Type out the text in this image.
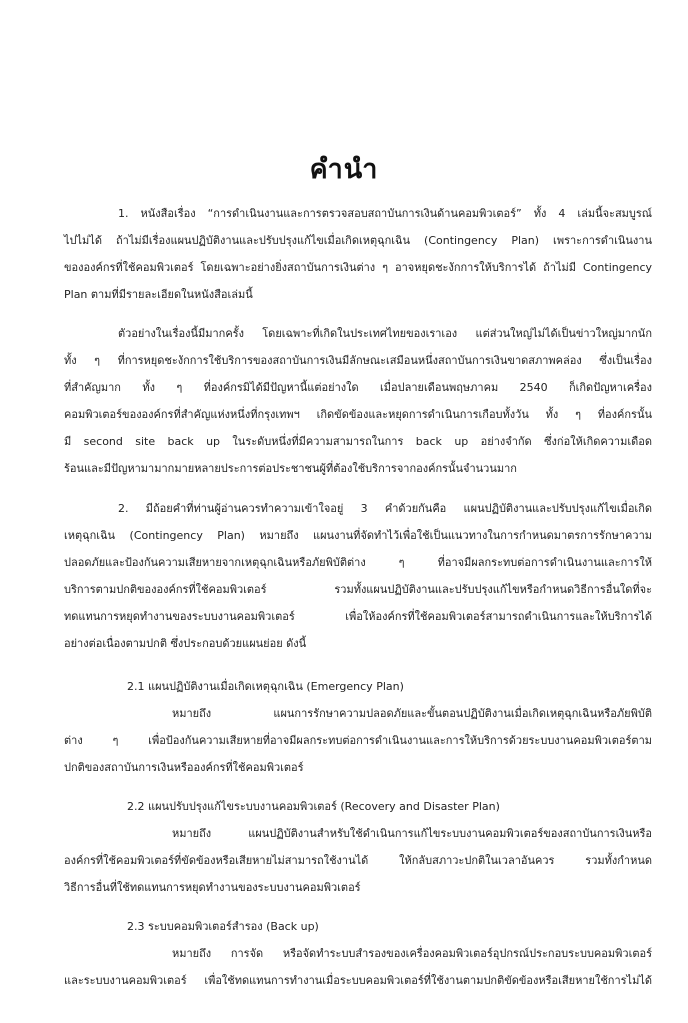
คำนำ
1. หนังสือเรื่อง “การดำเนินงานและการตรวจสอบสถาบันการเงินด้านคอมพิวเตอร์” ทั้ง 4 เล่มนี้จะสมบูรณ์
ไปไม่ได้ ถ้าไม่มีเรื่องแผนปฏิบัติงานและปรับปรุงแก้ไขเมื่อเกิดเหตุฉุกเฉิน (Contingency Plan) เพราะการดำเนินงาน
ขององค์กรที่ใช้คอมพิวเตอร์ โดยเฉพาะอย่างยิ่งสถาบันการเงินต่าง ๆ อาจหยุดชะงักการให้บริการได้ ถ้าไม่มี Contingency
Plan ตามที่มีรายละเอียดในหนังสือเล่มนี้
ตัวอย่างในเรื่องนี้มีมากครั้ง โดยเฉพาะที่เกิดในประเทศไทยของเราเอง แต่ส่วนใหญ่ไม่ได้เป็นข่าวใหญ่มากนัก
ทั้ง ๆ ที่การหยุดชะงักการใช้บริการของสถาบันการเงินมีลักษณะเสมือนหนึ่งสถาบันการเงินขาดสภาพคล่อง ซึ่งเป็นเรื่อง
ที่สำคัญมาก ทั้ง ๆ ที่องค์กรมิได้มีปัญหานี้แต่อย่างใด เมื่อปลายเดือนพฤษภาคม 2540 ก็เกิดปัญหาเครื่อง
คอมพิวเตอร์ขององค์กรที่สำคัญแห่งหนึ่งที่กรุงเทพฯ เกิดขัดข้องและหยุดการดำเนินการเกือบทั้งวัน ทั้ง ๆ ที่องค์กรนั้น
มี second site back up ในระดับหนึ่งที่มีความสามารถในการ back up อย่างจำกัด ซึ่งก่อให้เกิดความเดือด
ร้อนและมีปัญหามามากมายหลายประการต่อประชาชนผู้ที่ต้องใช้บริการจากองค์กรนั้นจำนวนมาก
2. มีถ้อยคำที่ท่านผู้อ่านควรทำความเข้าใจอยู่ 3 คำด้วยกันคือ แผนปฏิบัติงานและปรับปรุงแก้ไขเมื่อเกิด
เหตุฉุกเฉิน (Contingency Plan) หมายถึง แผนงานที่จัดทำไว้เพื่อใช้เป็นแนวทางในการกำหนดมาตรการรักษาความ
ปลอดภัยและป้องกันความเสียหายจากเหตุฉุกเฉินหรือภัยพิบัติต่าง ๆ ที่อาจมีผลกระทบต่อการดำเนินงานและการให้
บริการตามปกติขององค์กรที่ใช้คอมพิวเตอร์ รวมทั้งแผนปฏิบัติงานและปรับปรุงแก้ไขหรือกำหนดวิธีการอื่นใดที่จะ
ทดแทนการหยุดทำงานของระบบงานคอมพิวเตอร์ เพื่อให้องค์กรที่ใช้คอมพิวเตอร์สามารถดำเนินการและให้บริการได้
อย่างต่อเนื่องตามปกติ ซึ่งประกอบด้วยแผนย่อย ดังนี้
2.1 แผนปฏิบัติงานเมื่อเกิดเหตุฉุกเฉิน (Emergency Plan)
หมายถึง แผนการรักษาความปลอดภัยและขั้นตอนปฏิบัติงานเมื่อเกิดเหตุฉุกเฉินหรือภัยพิบัติ
ต่าง ๆ เพื่อป้องกันความเสียหายที่อาจมีผลกระทบต่อการดำเนินงานและการให้บริการด้วยระบบงานคอมพิวเตอร์ตาม
ปกติของสถาบันการเงินหรือองค์กรที่ใช้คอมพิวเตอร์
2.2 แผนปรับปรุงแก้ไขระบบงานคอมพิวเตอร์ (Recovery and Disaster Plan)
หมายถึง แผนปฏิบัติงานสำหรับใช้ดำเนินการแก้ไขระบบงานคอมพิวเตอร์ของสถาบันการเงินหรือ
องค์กรที่ใช้คอมพิวเตอร์ที่ขัดข้องหรือเสียหายไม่สามารถใช้งานได้ ให้กลับสภาวะปกติในเวลาอันควร รวมทั้งกำหนด
วิธีการอื่นที่ใช้ทดแทนการหยุดทำงานของระบบงานคอมพิวเตอร์
2.3 ระบบคอมพิวเตอร์สำรอง (Back up)
หมายถึง การจัด หรือจัดทำระบบสำรองของเครื่องคอมพิวเตอร์อุปกรณ์ประกอบระบบคอมพิวเตอร์
และระบบงานคอมพิวเตอร์ เพื่อใช้ทดแทนการทำงานเมื่อระบบคอมพิวเตอร์ที่ใช้งานตามปกติขัดข้องหรือเสียหายใช้การไม่ได้
